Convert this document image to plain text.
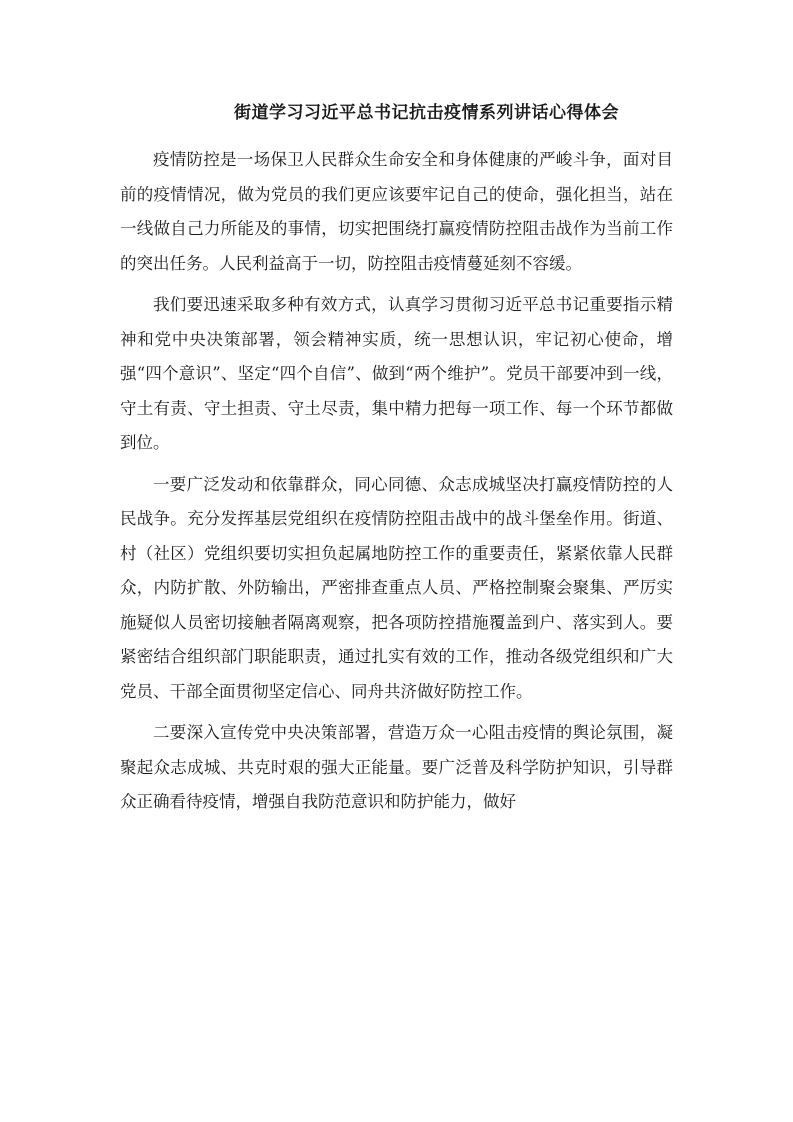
街道学习习近平总书记抗击疫情系列讲话心得体会

疫情防控是一场保卫人民群众生命安全和身体健康的严峻斗争，面对目前的疫情情况，做为党员的我们更应该要牢记自己的使命，强化担当，站在一线做自己力所能及的事情，切实把围绕打赢疫情防控阻击战作为当前工作的突出任务。人民利益高于一切，防控阻击疫情蔓延刻不容缓。

我们要迅速采取多种有效方式，认真学习贯彻习近平总书记重要指示精神和党中央决策部署，领会精神实质，统一思想认识，牢记初心使命，增强“四个意识”、坚定“四个自信”、做到“两个维护”。党员干部要冲到一线，守土有责、守土担责、守土尽责，集中精力把每一项工作、每一个环节都做到位。

一要广泛发动和依靠群众，同心同德、众志成城坚决打赢疫情防控的人民战争。充分发挥基层党组织在疫情防控阻击战中的战斗堡垒作用。街道、村（社区）党组织要切实担负起属地防控工作的重要责任，紧紧依靠人民群众，内防扩散、外防输出，严密排查重点人员、严格控制聚会聚集、严厉实施疑似人员密切接触者隔离观察，把各项防控措施覆盖到户、落实到人。要紧密结合组织部门职能职责，通过扎实有效的工作，推动各级党组织和广大党员、干部全面贯彻坚定信心、同舟共济做好防控工作。

二要深入宣传党中央决策部署，营造万众一心阻击疫情的舆论氛围，凝聚起众志成城、共克时艰的强大正能量。要广泛普及科学防护知识，引导群众正确看待疫情，增强自我防范意识和防护能力，做好
